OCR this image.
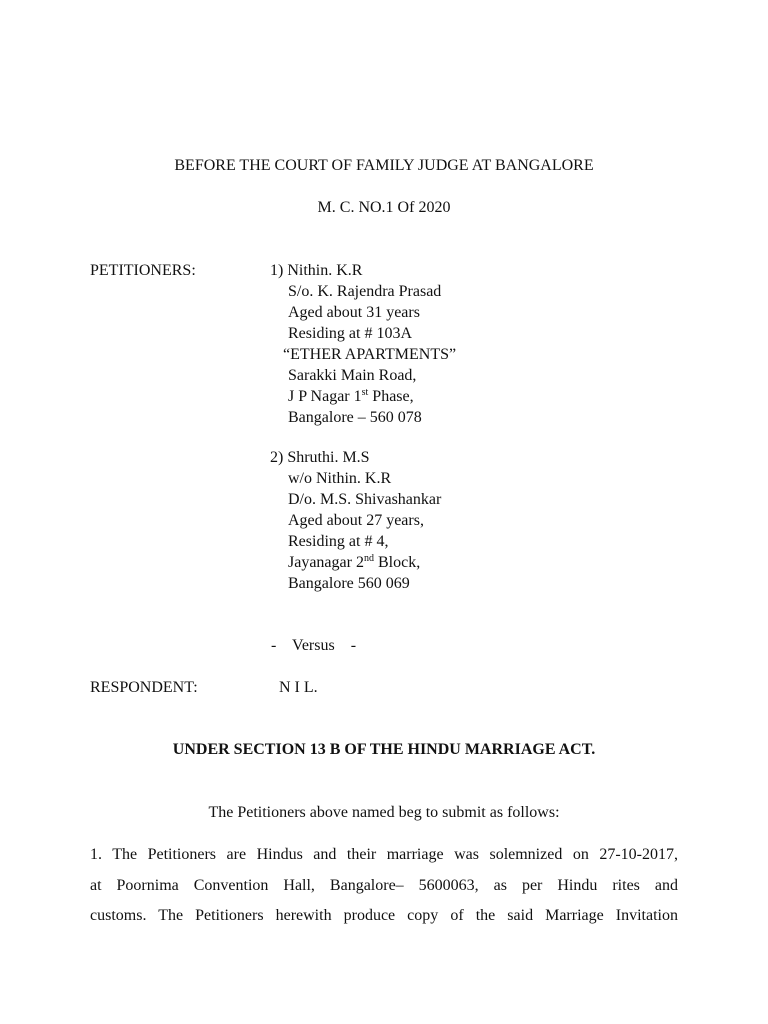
BEFORE THE COURT OF FAMILY JUDGE AT BANGALORE
M. C. NO.1 Of 2020
PETITIONERS:	1) Nithin. K.R
S/o. K. Rajendra Prasad
Aged about 31 years
Residing at # 103A
“ETHER APARTMENTS”
Sarakki Main Road,
J P Nagar 1st Phase,
Bangalore – 560 078
2) Shruthi. M.S
w/o Nithin. K.R
D/o. M.S. Shivashankar
Aged about 27 years,
Residing at # 4,
Jayanagar 2nd Block,
Bangalore 560 069
-    Versus    -
RESPONDENT:	N I L.
UNDER SECTION 13 B OF THE HINDU MARRIAGE ACT.
The Petitioners above named beg to submit as follows:
1. The Petitioners are Hindus and their marriage was solemnized on 27-10-2017,
at Poornima Convention Hall, Bangalore– 5600063, as per Hindu rites and
customs. The Petitioners herewith produce copy of the said Marriage Invitation
